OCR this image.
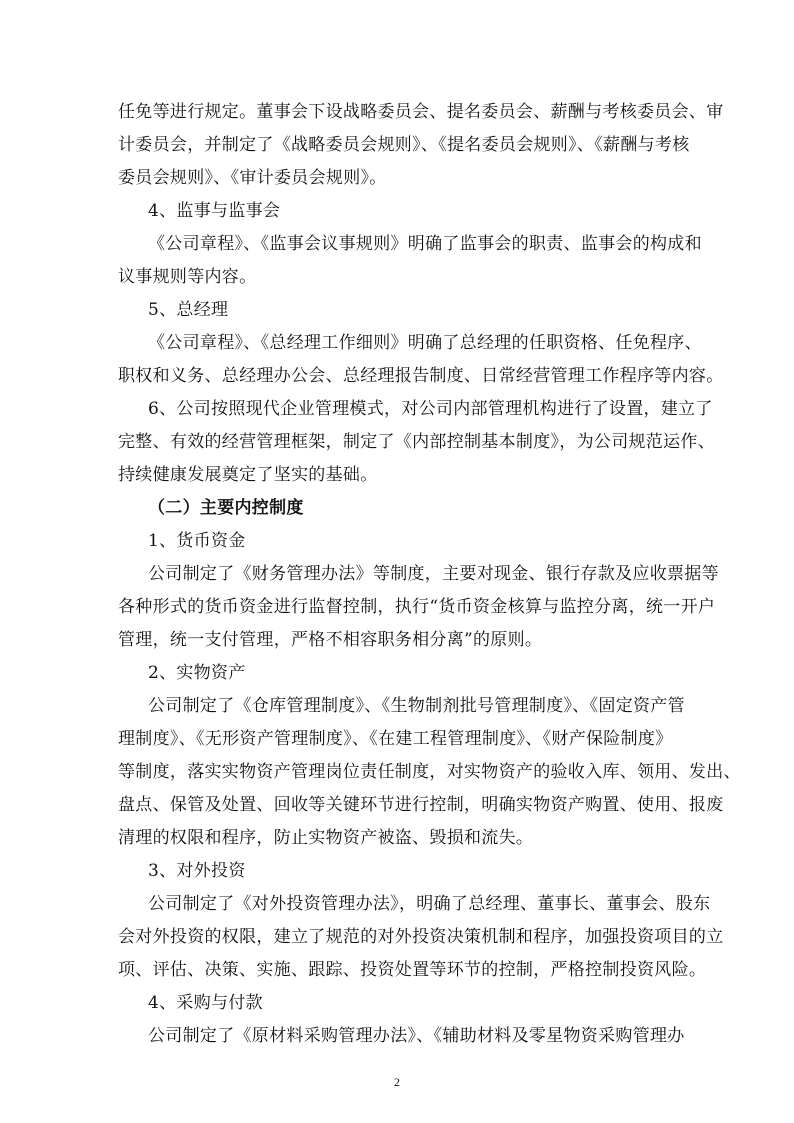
任免等进行规定。董事会下设战略委员会、提名委员会、薪酬与考核委员会、审
计委员会，并制定了《战略委员会规则》、《提名委员会规则》、《薪酬与考核
委员会规则》、《审计委员会规则》。
4、监事与监事会
《公司章程》、《监事会议事规则》明确了监事会的职责、监事会的构成和
议事规则等内容。
5、总经理
《公司章程》、《总经理工作细则》明确了总经理的任职资格、任免程序、
职权和义务、总经理办公会、总经理报告制度、日常经营管理工作程序等内容。
6、公司按照现代企业管理模式，对公司内部管理机构进行了设置，建立了
完整、有效的经营管理框架，制定了《内部控制基本制度》，为公司规范运作、
持续健康发展奠定了坚实的基础。
（二）主要内控制度
1、货币资金
公司制定了《财务管理办法》等制度，主要对现金、银行存款及应收票据等
各种形式的货币资金进行监督控制，执行“货币资金核算与监控分离，统一开户
管理，统一支付管理，严格不相容职务相分离”的原则。
2、实物资产
公司制定了《仓库管理制度》、《生物制剂批号管理制度》、《固定资产管
理制度》、《无形资产管理制度》、《在建工程管理制度》、《财产保险制度》
等制度，落实实物资产管理岗位责任制度，对实物资产的验收入库、领用、发出、
盘点、保管及处置、回收等关键环节进行控制，明确实物资产购置、使用、报废
清理的权限和程序，防止实物资产被盗、毁损和流失。
3、对外投资
公司制定了《对外投资管理办法》，明确了总经理、董事长、董事会、股东
会对外投资的权限，建立了规范的对外投资决策机制和程序，加强投资项目的立
项、评估、决策、实施、跟踪、投资处置等环节的控制，严格控制投资风险。
4、采购与付款
公司制定了《原材料采购管理办法》、《辅助材料及零星物资采购管理办
2
